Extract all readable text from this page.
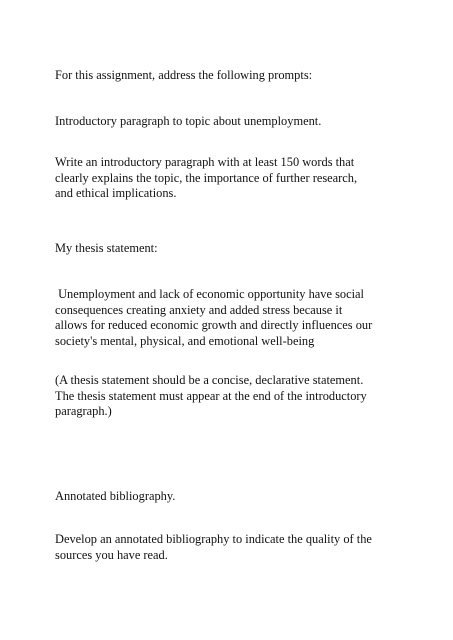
For this assignment, address the following prompts:

Introductory paragraph to topic about unemployment.

Write an introductory paragraph with at least 150 words that
clearly explains the topic, the importance of further research,
and ethical implications.

My thesis statement:

Unemployment and lack of economic opportunity have social
consequences creating anxiety and added stress because it
allows for reduced economic growth and directly influences our
society's mental, physical, and emotional well-being

(A thesis statement should be a concise, declarative statement.
The thesis statement must appear at the end of the introductory
paragraph.)

Annotated bibliography.

Develop an annotated bibliography to indicate the quality of the
sources you have read.
